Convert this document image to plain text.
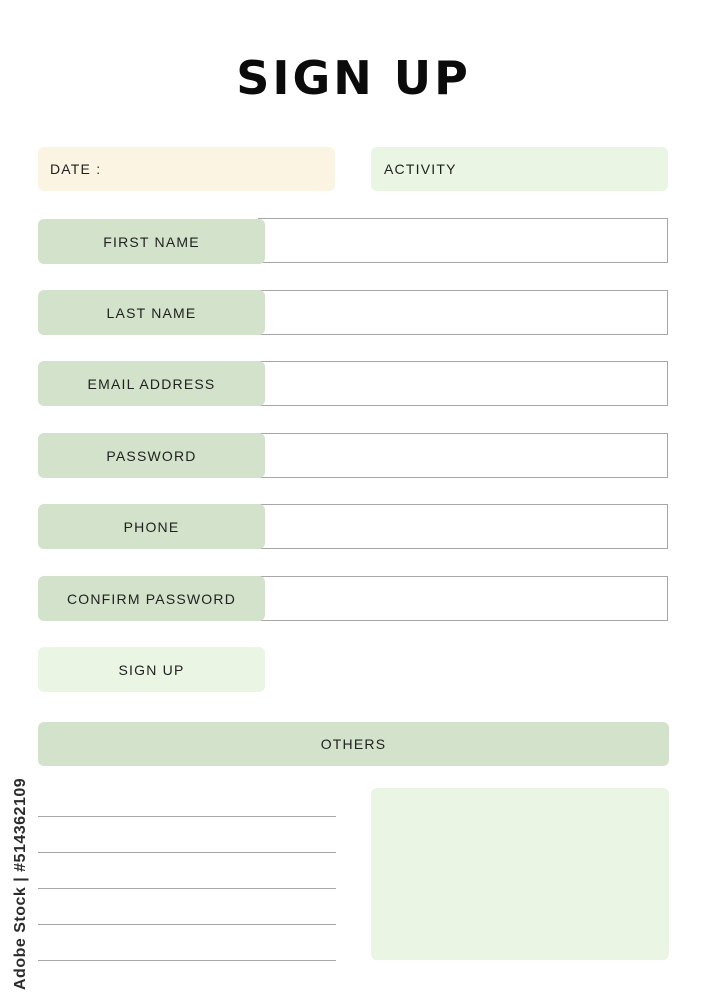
SIGN UP
DATE :	ACTIVITY
FIRST NAME
LAST NAME
EMAIL ADDRESS
PASSWORD
PHONE
CONFIRM PASSWORD
SIGN UP
OTHERS
Adobe Stock | #514362109
